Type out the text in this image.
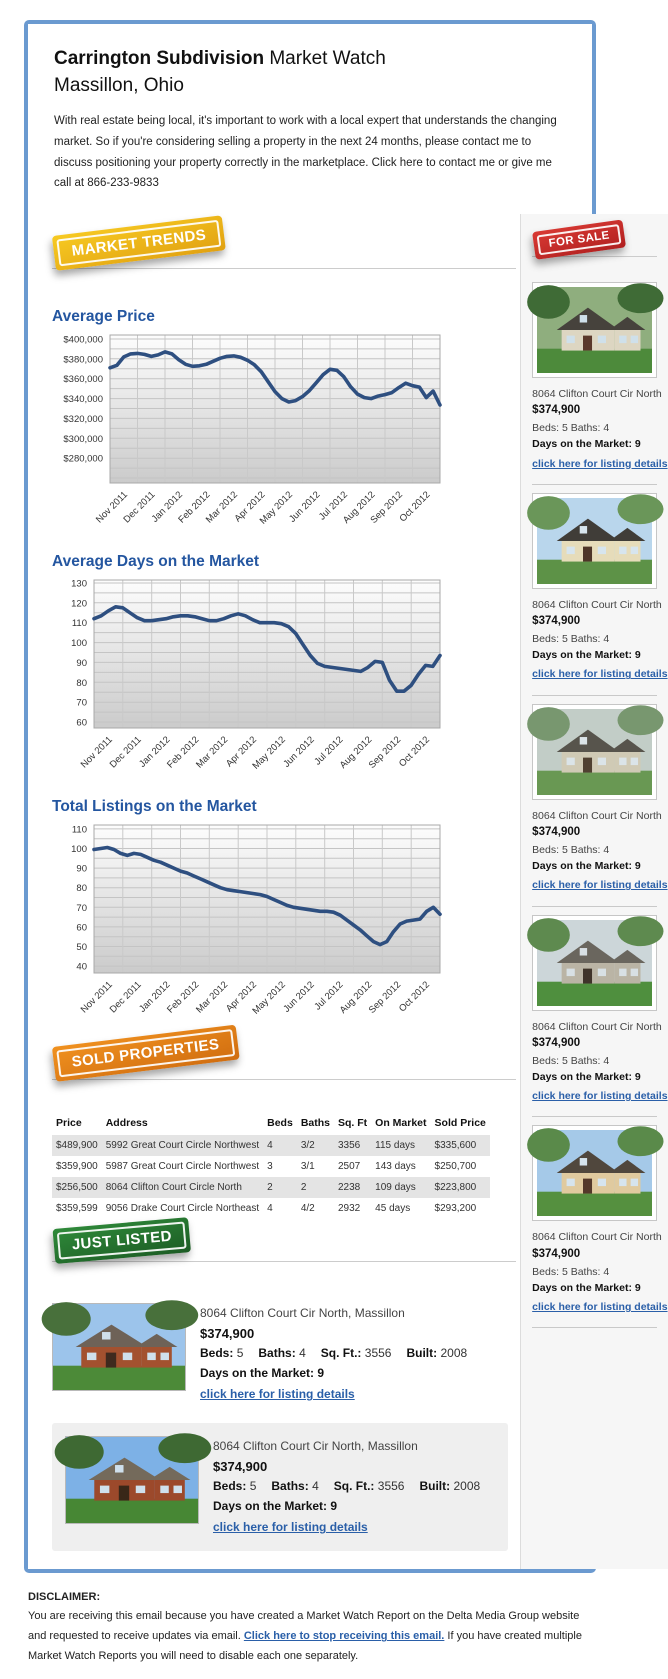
Carrington Subdivision Market Watch
Massillon, Ohio

With real estate being local, it's important to work with a local expert that understands the changing market. So if you're considering selling a property in the next 24 months, please contact me to discuss positioning your property correctly in the marketplace. Click here to contact me or give me call at 866-233-9833

MARKET TRENDS
Average Price
$400,000
$380,000
$360,000
$340,000
$320,000
$300,000
$280,000
Nov 2011
Dec 2011
Jan 2012
Feb 2012
Mar 2012
Apr 2012
May 2012
Jun 2012
Jul 2012
Aug 2012
Sep 2012
Oct 2012
Average Days on the Market
130
120
110
100
90
80
70
60
Nov 2011
Dec 2011
Jan 2012
Feb 2012
Mar 2012
Apr 2012
May 2012
Jun 2012
Jul 2012
Aug 2012
Sep 2012
Oct 2012
Total Listings on the Market
110
100
90
80
70
60
50
40
Nov 2011
Dec 2011
Jan 2012
Feb 2012
Mar 2012
Apr 2012
May 2012
Jun 2012
Jul 2012
Aug 2012
Sep 2012
Oct 2012
SOLD PROPERTIES
Price	Address	Beds	Baths	Sq. Ft	On Market	Sold Price
$489,900	5992 Great Court Circle Northwest	4	3/2	3356	115 days	$335,600
$359,900	5987 Great Court Circle Northwest	3	3/1	2507	143 days	$250,700
$256,500	8064 Clifton Court Circle North	2	2	2238	109 days	$223,800
$359,599	9056 Drake Court Circle Northeast	4	4/2	2932	45 days	$293,200
JUST LISTED
8064 Clifton Court Cir North, Massillon
$374,900
Beds: 5 Baths: 4 Sq. Ft.: 3556 Built: 2008
Days on the Market: 9
click here for listing details
8064 Clifton Court Cir North, Massillon
$374,900
Beds: 5 Baths: 4 Sq. Ft.: 3556 Built: 2008
Days on the Market: 9
click here for listing details
FOR SALE
8064 Clifton Court Cir North
$374,900
Beds: 5 Baths: 4
Days on the Market: 9
click here for listing details
8064 Clifton Court Cir North
$374,900
Beds: 5 Baths: 4
Days on the Market: 9
click here for listing details
8064 Clifton Court Cir North
$374,900
Beds: 5 Baths: 4
Days on the Market: 9
click here for listing details
8064 Clifton Court Cir North
$374,900
Beds: 5 Baths: 4
Days on the Market: 9
click here for listing details
8064 Clifton Court Cir North
$374,900
Beds: 5 Baths: 4
Days on the Market: 9
click here for listing details
DISCLAIMER:
You are receiving this email because you have created a Market Watch Report on the Delta Media Group website and requested to receive updates via email. Click here to stop receiving this email. If you have created multiple Market Watch Reports you will need to disable each one separately.
